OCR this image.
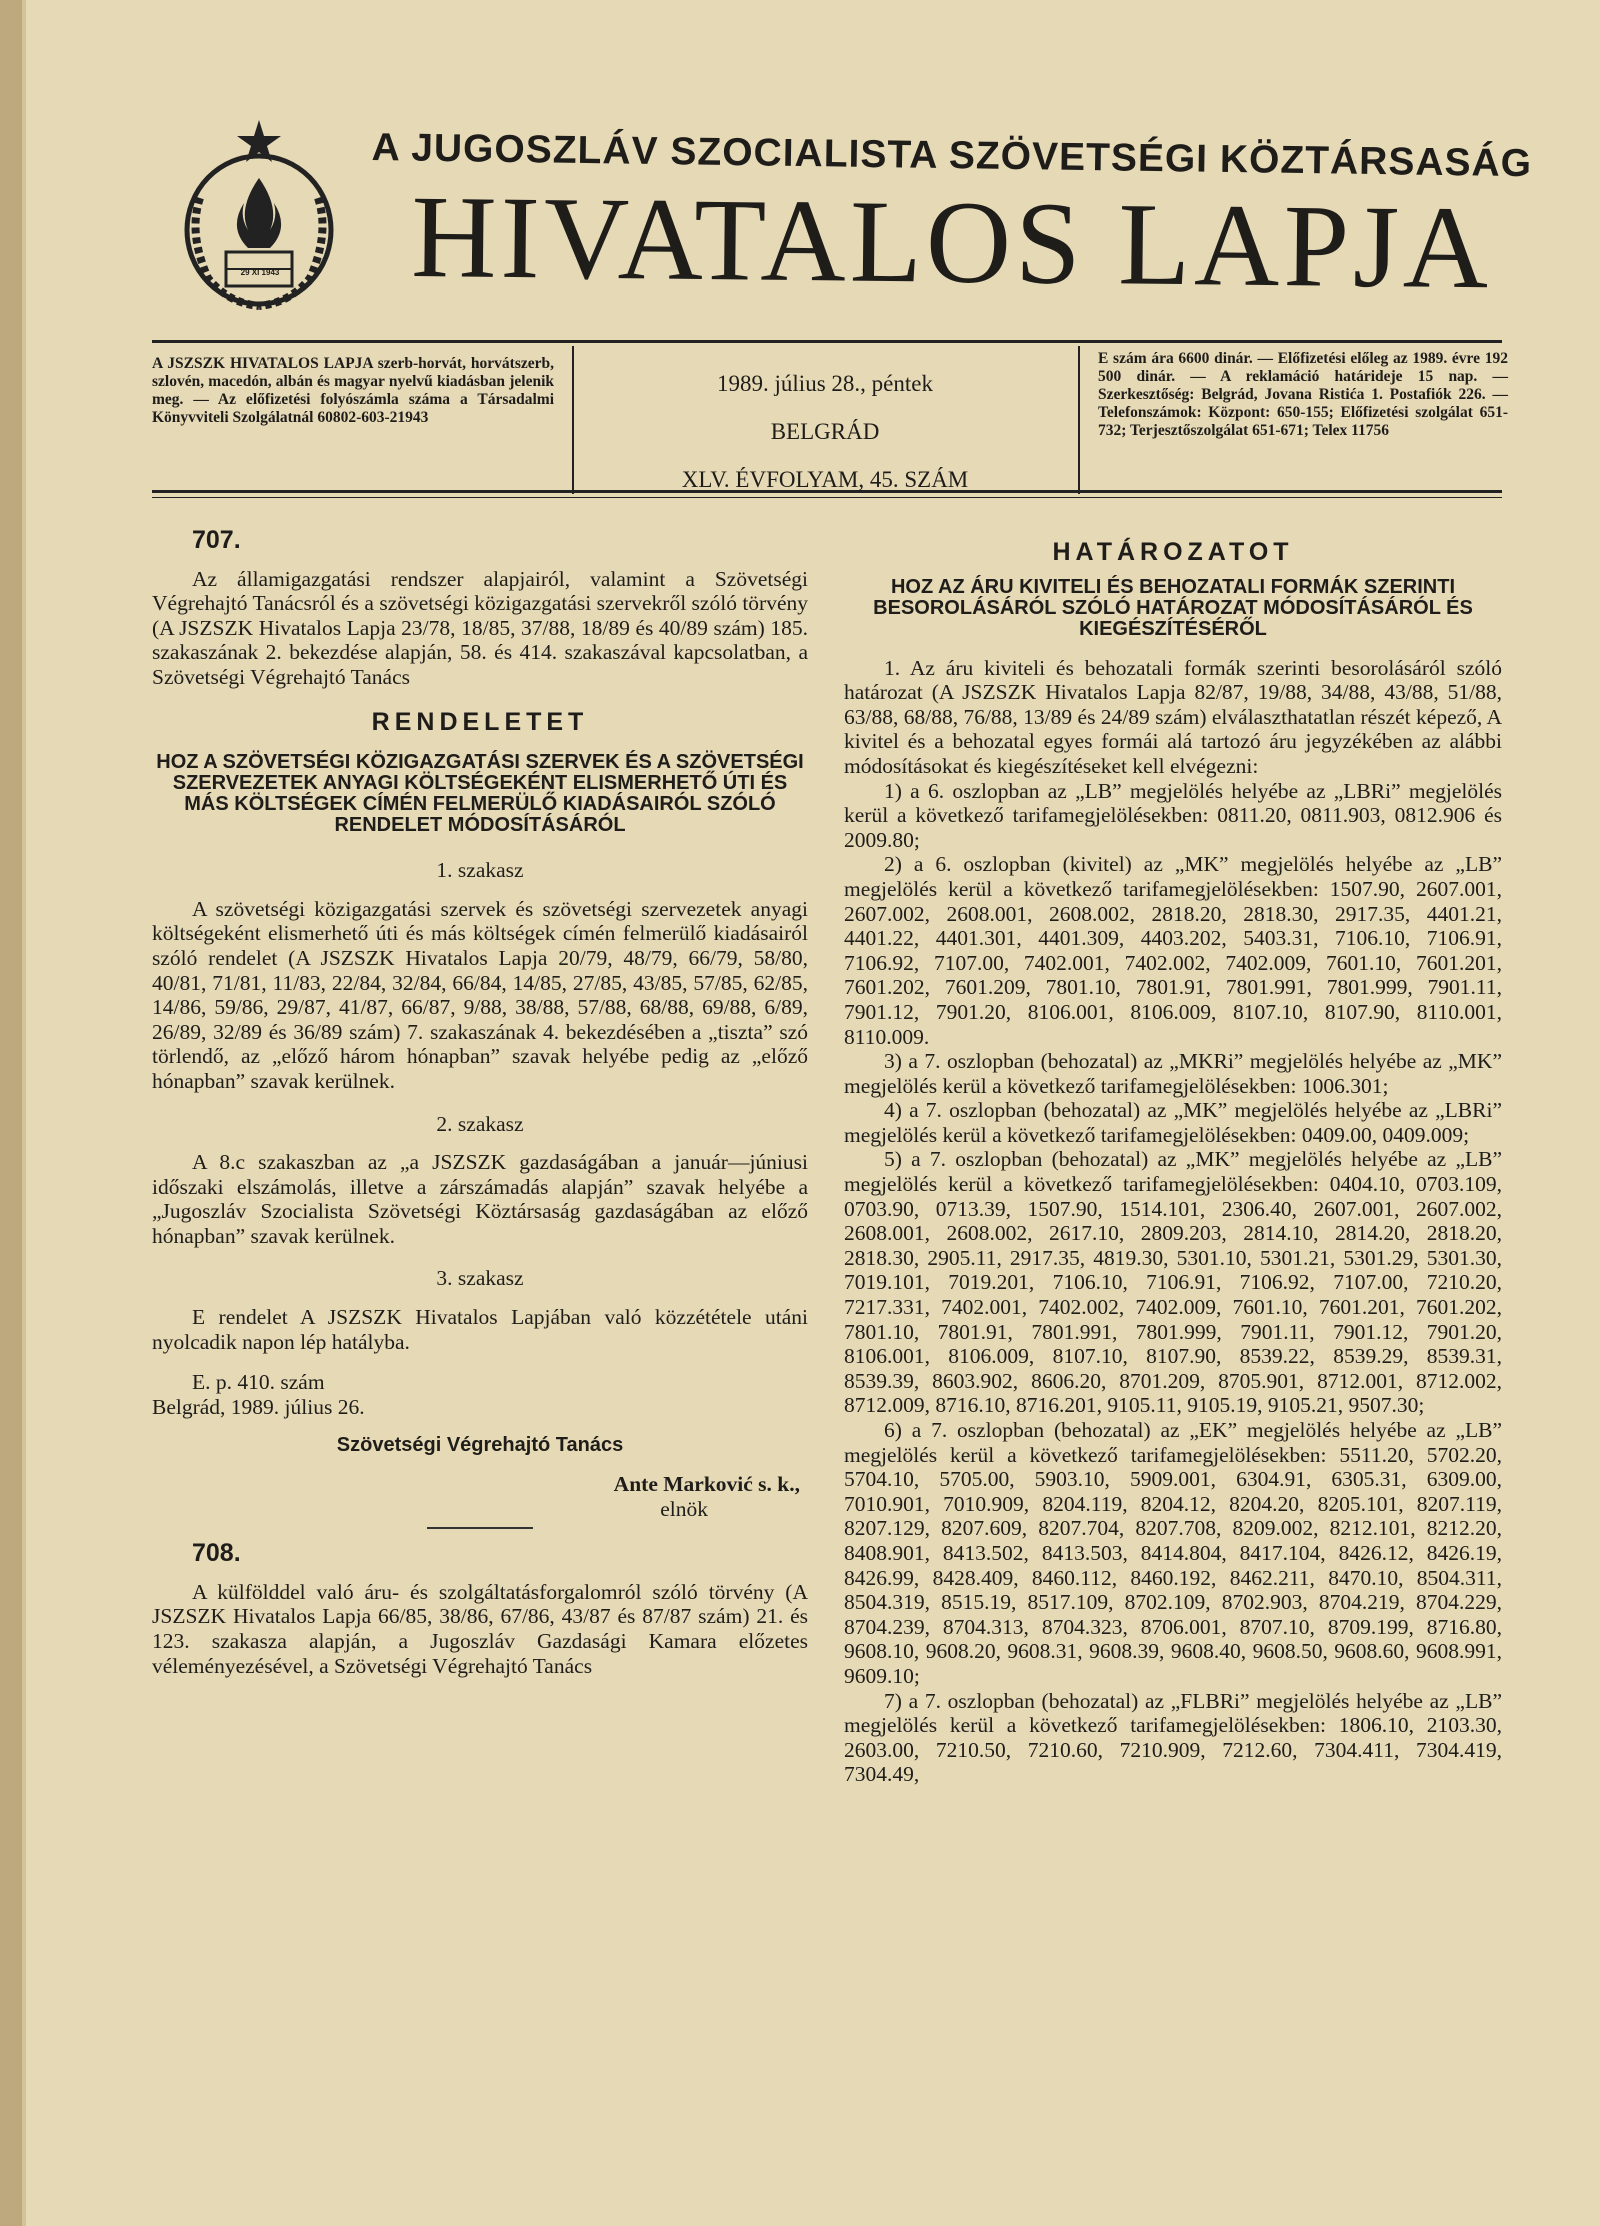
29 XI 1943
A JUGOSZLÁV SZOCIALISTA SZÖVETSÉGI KÖZTÁRSASÁG
HIVATALOS LAPJA
A JSZSZK HIVATALOS LAPJA szerb-horvát, horvátszerb, szlovén, macedón, albán és magyar nyelvű kiadásban jelenik meg. — Az előfizetési folyószámla száma a Társadalmi Könyvviteli Szolgálatnál 60802-603-21943
1989. július 28., péntek
BELGRÁD
XLV. ÉVFOLYAM, 45. SZÁM
E szám ára 6600 dinár. — Előfizetési előleg az 1989. évre 192 500 dinár. — A reklamáció határideje 15 nap. — Szerkesztőség: Belgrád, Jovana Ristića 1. Postafiók 226. — Telefonszámok: Központ: 650-155; Előfizetési szolgálat 651-732; Terjesztőszolgálat 651-671; Telex 11756
707.

Az államigazgatási rendszer alapjairól, valamint a Szövetségi Végrehajtó Tanácsról és a szövetségi közigazgatási szervekről szóló törvény (A JSZSZK Hivatalos Lapja 23/78, 18/85, 37/88, 18/89 és 40/89 szám) 185. szakaszának 2. bekezdése alapján, 58. és 414. szakaszával kapcsolatban, a Szövetségi Végrehajtó Tanács

RENDELETET
HOZ A SZÖVETSÉGI KÖZIGAZGATÁSI SZERVEK ÉS A SZÖVETSÉGI SZERVEZETEK ANYAGI KÖLTSÉGEKÉNT ELISMERHETŐ ÚTI ÉS MÁS KÖLTSÉGEK CÍMÉN FELMERÜLŐ KIADÁSAIRÓL SZÓLÓ RENDELET MÓDOSÍTÁSÁRÓL
1. szakasz

A szövetségi közigazgatási szervek és szövetségi szervezetek anyagi költségeként elismerhető úti és más költségek címén felmerülő kiadásairól szóló rendelet (A JSZSZK Hivatalos Lapja 20/79, 48/79, 66/79, 58/80, 40/81, 71/81, 11/83, 22/84, 32/84, 66/84, 14/85, 27/85, 43/85, 57/85, 62/85, 14/86, 59/86, 29/87, 41/87, 66/87, 9/88, 38/88, 57/88, 68/88, 69/88, 6/89, 26/89, 32/89 és 36/89 szám) 7. szakaszának 4. bekezdésében a „tiszta” szó törlendő, az „előző három hónapban” szavak helyébe pedig az „előző hónapban” szavak kerülnek.

2. szakasz

A 8.c szakaszban az „a JSZSZK gazdaságában a január—júniusi időszaki elszámolás, illetve a zárszámadás alapján” szavak helyébe a „Jugoszláv Szocialista Szövetségi Köztársaság gazdaságában az előző hónapban” szavak kerülnek.

3. szakasz

E rendelet A JSZSZK Hivatalos Lapjában való közzététele utáni nyolcadik napon lép hatályba.

E. p. 410. szám

Belgrád, 1989. július 26.

Szövetségi Végrehajtó Tanács
Ante Marković s. k.,
elnök
708.

A külfölddel való áru- és szolgáltatásforgalomról szóló törvény (A JSZSZK Hivatalos Lapja 66/85, 38/86, 67/86, 43/87 és 87/87 szám) 21. és 123. szakasza alapján, a Jugoszláv Gazdasági Kamara előzetes véleményezésével, a Szövetségi Végrehajtó Tanács

HATÁROZATOT
HOZ AZ ÁRU KIVITELI ÉS BEHOZATALI FORMÁK SZERINTI BESOROLÁSÁRÓL SZÓLÓ HATÁROZAT MÓDOSÍTÁSÁRÓL ÉS KIEGÉSZÍTÉSÉRŐL

1. Az áru kiviteli és behozatali formák szerinti besorolásáról szóló határozat (A JSZSZK Hivatalos Lapja 82/87, 19/88, 34/88, 43/88, 51/88, 63/88, 68/88, 76/88, 13/89 és 24/89 szám) elválaszthatatlan részét képező, A kivitel és a behozatal egyes formái alá tartozó áru jegyzékében az alábbi módosításokat és kiegészítéseket kell elvégezni:

1) a 6. oszlopban az „LB” megjelölés helyébe az „LBRi” megjelölés kerül a következő tarifamegjelölésekben: 0811.20, 0811.903, 0812.906 és 2009.80;

2) a 6. oszlopban (kivitel) az „MK” megjelölés helyébe az „LB” megjelölés kerül a következő tarifamegjelölésekben: 1507.90, 2607.001, 2607.002, 2608.001, 2608.002, 2818.20, 2818.30, 2917.35, 4401.21, 4401.22, 4401.301, 4401.309, 4403.202, 5403.31, 7106.10, 7106.91, 7106.92, 7107.00, 7402.001, 7402.002, 7402.009, 7601.10, 7601.201, 7601.202, 7601.209, 7801.10, 7801.91, 7801.991, 7801.999, 7901.11, 7901.12, 7901.20, 8106.001, 8106.009, 8107.10, 8107.90, 8110.001, 8110.009.

3) a 7. oszlopban (behozatal) az „MKRi” megjelölés helyébe az „MK” megjelölés kerül a következő tarifamegjelölésekben: 1006.301;

4) a 7. oszlopban (behozatal) az „MK” megjelölés helyébe az „LBRi” megjelölés kerül a következő tarifamegjelölésekben: 0409.00, 0409.009;

5) a 7. oszlopban (behozatal) az „MK” megjelölés helyébe az „LB” megjelölés kerül a következő tarifamegjelölésekben: 0404.10, 0703.109, 0703.90, 0713.39, 1507.90, 1514.101, 2306.40, 2607.001, 2607.002, 2608.001, 2608.002, 2617.10, 2809.203, 2814.10, 2814.20, 2818.20, 2818.30, 2905.11, 2917.35, 4819.30, 5301.10, 5301.21, 5301.29, 5301.30, 7019.101, 7019.201, 7106.10, 7106.91, 7106.92, 7107.00, 7210.20, 7217.331, 7402.001, 7402.002, 7402.009, 7601.10, 7601.201, 7601.202, 7801.10, 7801.91, 7801.991, 7801.999, 7901.11, 7901.12, 7901.20, 8106.001, 8106.009, 8107.10, 8107.90, 8539.22, 8539.29, 8539.31, 8539.39, 8603.902, 8606.20, 8701.209, 8705.901, 8712.001, 8712.002, 8712.009, 8716.10, 8716.201, 9105.11, 9105.19, 9105.21, 9507.30;

6) a 7. oszlopban (behozatal) az „EK” megjelölés helyébe az „LB” megjelölés kerül a következő tarifamegjelölésekben: 5511.20, 5702.20, 5704.10, 5705.00, 5903.10, 5909.001, 6304.91, 6305.31, 6309.00, 7010.901, 7010.909, 8204.119, 8204.12, 8204.20, 8205.101, 8207.119, 8207.129, 8207.609, 8207.704, 8207.708, 8209.002, 8212.101, 8212.20, 8408.901, 8413.502, 8413.503, 8414.804, 8417.104, 8426.12, 8426.19, 8426.99, 8428.409, 8460.112, 8460.192, 8462.211, 8470.10, 8504.311, 8504.319, 8515.19, 8517.109, 8702.109, 8702.903, 8704.219, 8704.229, 8704.239, 8704.313, 8704.323, 8706.001, 8707.10, 8709.199, 8716.80, 9608.10, 9608.20, 9608.31, 9608.39, 9608.40, 9608.50, 9608.60, 9608.991, 9609.10;

7) a 7. oszlopban (behozatal) az „FLBRi” megjelölés helyébe az „LB” megjelölés kerül a következő tarifamegjelölésekben: 1806.10, 2103.30, 2603.00, 7210.50, 7210.60, 7210.909, 7212.60, 7304.411, 7304.419, 7304.49,
